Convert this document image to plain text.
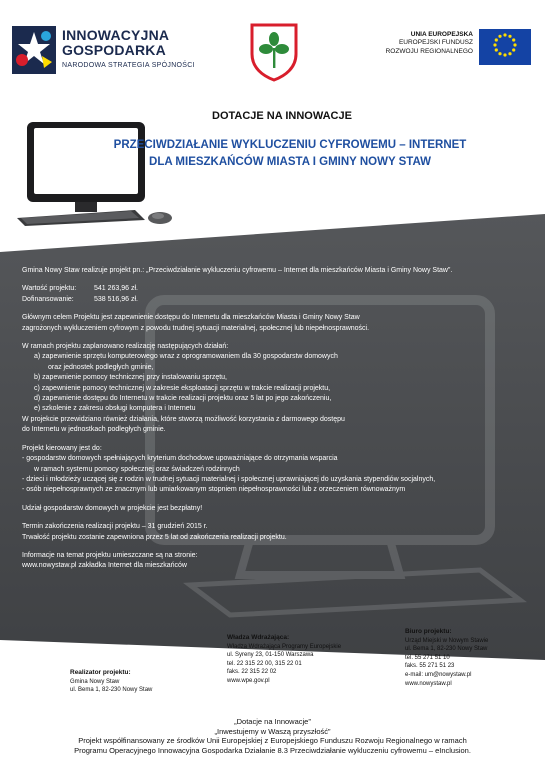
INNOWACYJNA
GOSPODARKA
NARODOWA STRATEGIA SPÓJNOŚCI
UNIA EUROPEJSKA
EUROPEJSKI FUNDUSZ
ROZWOJU REGIONALNEGO
DOTACJE NA INNOWACJE
PRZECIWDZIAŁANIE WYKLUCZENIU CYFROWEMU – INTERNET
DLA MIESZKAŃCÓW MIASTA I GMINY NOWY STAW
Gmina Nowy Staw realizuje projekt pn.: „Przeciwdziałanie wykluczeniu cyfrowemu – Internet dla mieszkańców Miasta i Gminy Nowy Staw”.
Wartość projektu:	541 263,96 zł.
Dofinansowanie:	538 516,96 zł.
Głównym celem Projektu jest zapewnienie dostępu do Internetu dla mieszkańców Miasta i Gminy Nowy Staw
zagrożonych wykluczeniem cyfrowym z powodu trudnej sytuacji materialnej, społecznej lub niepełnosprawności.
W ramach projektu zaplanowano realizację następujących działań:
a) zapewnienie sprzętu komputerowego wraz z oprogramowaniem dla 30 gospodarstw domowych
oraz jednostek podległych gminie,
b) zapewnienie pomocy technicznej przy instalowaniu sprzętu,
c) zapewnienie pomocy technicznej w zakresie eksploatacji sprzętu w trakcie realizacji projektu,
d) zapewnienie dostępu do Internetu w trakcie realizacji projektu oraz 5 lat po jego zakończeniu,
e) szkolenie z zakresu obsługi komputera i Internetu
W projekcie przewidziano również działania, które stworzą możliwość korzystania z darmowego dostępu
do Internetu w jednostkach podległych gminie.
Projekt kierowany jest do:
- gospodarstw domowych spełniających kryterium dochodowe upoważniające do otrzymania wsparcia
w ramach systemu pomocy społecznej oraz świadczeń rodzinnych
- dzieci i młodzieży uczącej się z rodzin w trudnej sytuacji materialnej i społecznej uprawniającej do uzyskania stypendiów socjalnych,
- osób niepełnosprawnych ze znacznym lub umiarkowanym stopniem niepełnosprawności lub z orzeczeniem równoważnym
Udział gospodarstw domowych w projekcie jest bezpłatny!
Termin zakończenia realizacji projektu – 31 grudzień 2015 r.
Trwałość projektu zostanie zapewniona przez 5 lat od zakończenia realizacji projektu.
Informacje na temat projektu umieszczane są na stronie:
www.nowystaw.pl zakładka Internet dla mieszkańców
Realizator projektu:
Gmina Nowy Staw
ul. Bema 1, 82-230 Nowy Staw
Władza Wdrażająca:
Władza Wdrażająca Programy Europejskie
ul. Syreny 23, 01-150 Warszawa
tel. 22 315 22 00, 315 22 01
faks. 22 315 22 02
www.wpe.gov.pl
Biuro projektu:
Urząd Miejski w Nowym Stawie
ul. Bema 1, 82-230 Nowy Staw
tel. 55 271 51 10
faks. 55 271 51 23
e-mail: um@nowystaw.pl
www.nowystaw.pl
„Dotacje na Innowacje”
„Inwestujemy w Waszą przyszłość”
Projekt współfinansowany ze środków Unii Europejskiej z Europejskiego Funduszu Rozwoju Regionalnego w ramach
Programu Operacyjnego Innowacyjna Gospodarka Działanie 8.3 Przeciwdziałanie wykluczeniu cyfrowemu – eInclusion.
